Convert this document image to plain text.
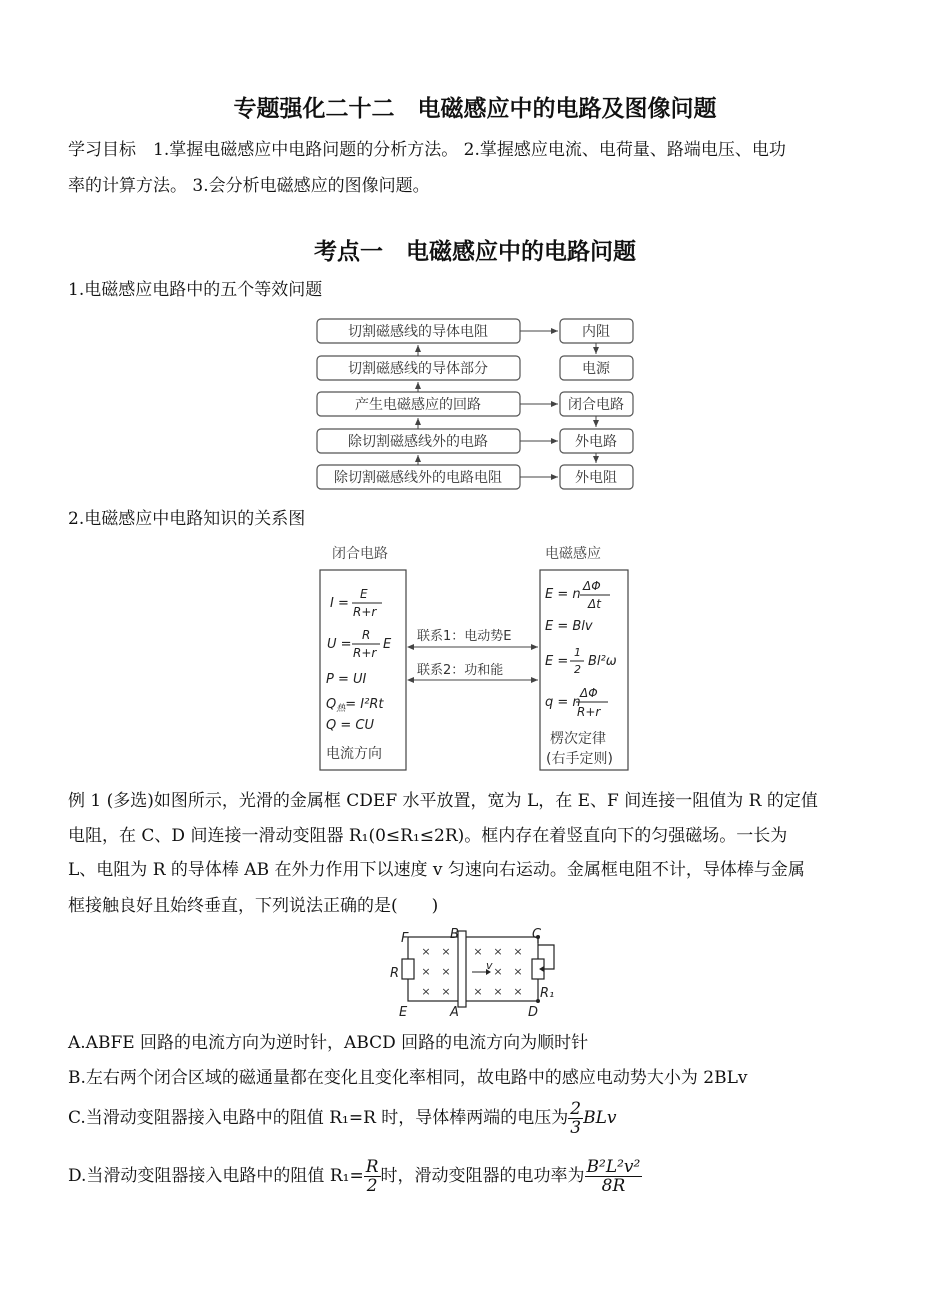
专题强化二十二　电磁感应中的电路及图像问题
学习目标　1.掌握电磁感应中电路问题的分析方法。 2.掌握感应电流、电荷量、路端电压、电功
率的计算方法。 3.会分析电磁感应的图像问题。
考点一　电磁感应中的电路问题
1.电磁感应电路中的五个等效问题
切割磁感线的导体电阻
切割磁感线的导体部分
产生电磁感应的回路
除切割磁感线外的电路
除切割磁感线外的电路电阻
内阻
电源
闭合电路
外电路
外电阻
2.电磁感应中电路知识的关系图
闭合电路	电磁感应
联系1：电动势E
联系2：功和能
I =
E
R+r
U =
R
R+r
E
P = UI
$Q_热= I^2Rt$
Q = CU
电流方向
E = n
ΔΦ
Δt
E = Blv
E =
1
2
Bl²ω
q = n
ΔΦ
R+r
楞次定律
(右手定则)
例 1 (多选)如图所示，光滑的金属框 CDEF 水平放置，宽为 L，在 E、F 间连接一阻值为 R 的定值
电阻，在 C、D 间连接一滑动变阻器 R₁(0≤R₁≤2R)。框内存在着竖直向下的匀强磁场。一长为
L、电阻为 R 的导体棒 AB 在外力作用下以速度 v 匀速向右运动。金属框电阻不计，导体棒与金属
框接触良好且始终垂直，下列说法正确的是(　　)
× × × × ×
× ×	× ×
× × × × ×
F	B	C
E	A	D
R
R₁
v
A.ABFE 回路的电流方向为逆时针，ABCD 回路的电流方向为顺时针
B.左右两个闭合区域的磁通量都在变化且变化率相同，故电路中的感应电动势大小为 2BLv
C.当滑动变阻器接入电路中的阻值 R₁=R 时，导体棒两端的电压为 $\frac{2}{3}$ BLv
D.当滑动变阻器接入电路中的阻值 $R_1= \frac{R}{2}$ 时，滑动变阻器的电功率为 $\frac{\text{B²L²v²}}{8R}$
